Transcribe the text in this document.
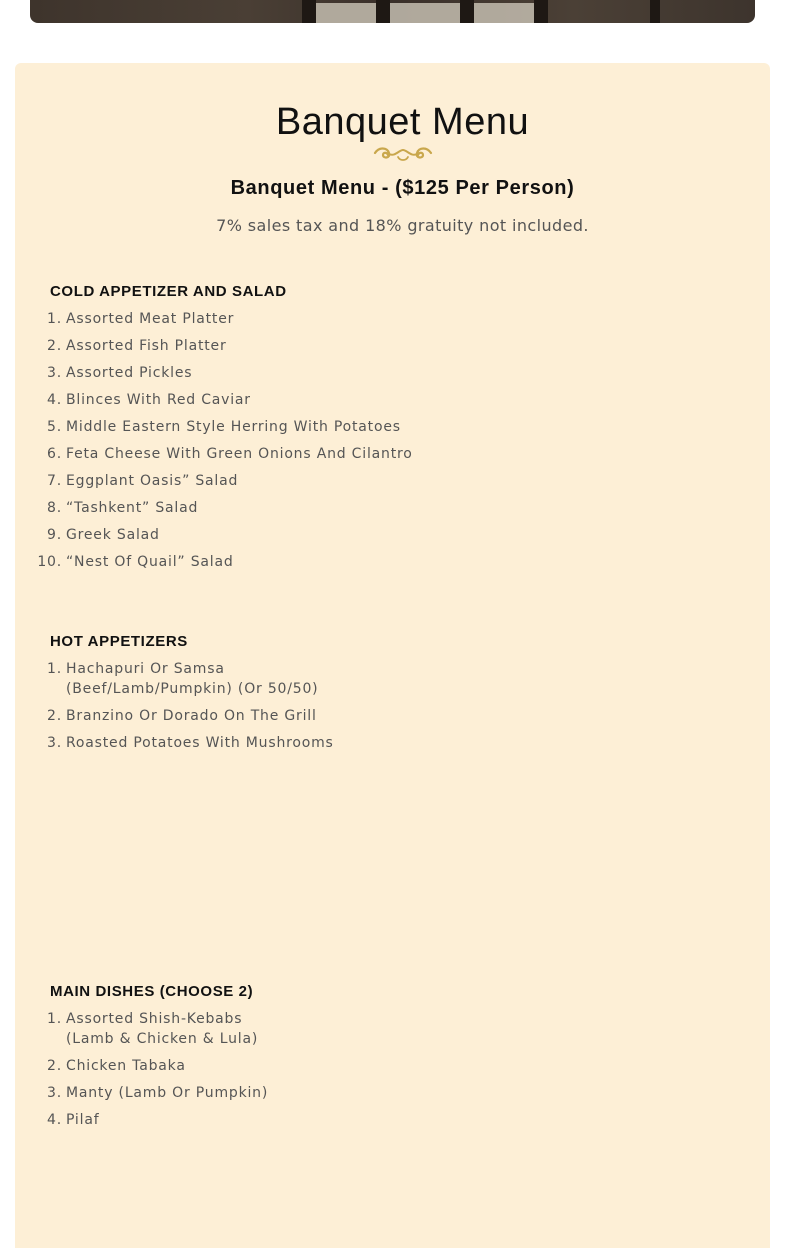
Banquet Menu
Banquet Menu - ($125 Per Person)
7% sales tax and 18% gratuity not included.
COLD APPETIZER AND SALAD
1. Assorted Meat Platter
2. Assorted Fish Platter
3. Assorted Pickles
4. Blinces With Red Caviar
5. Middle Eastern Style Herring With Potatoes
6. Feta Cheese With Green Onions And Cilantro
7. Eggplant Oasis” Salad
8. “Tashkent” Salad
9. Greek Salad
10. “Nest Of Quail” Salad
HOT APPETIZERS
1. Hachapuri Or Samsa
(Beef/Lamb/Pumpkin) (Or 50/50)
2. Branzino Or Dorado On The Grill
3. Roasted Potatoes With Mushrooms
MAIN DISHES (CHOOSE 2)
1. Assorted Shish-Kebabs
(Lamb & Chicken & Lula)
2. Chicken Tabaka
3. Manty (Lamb Or Pumpkin)
4. Pilaf
